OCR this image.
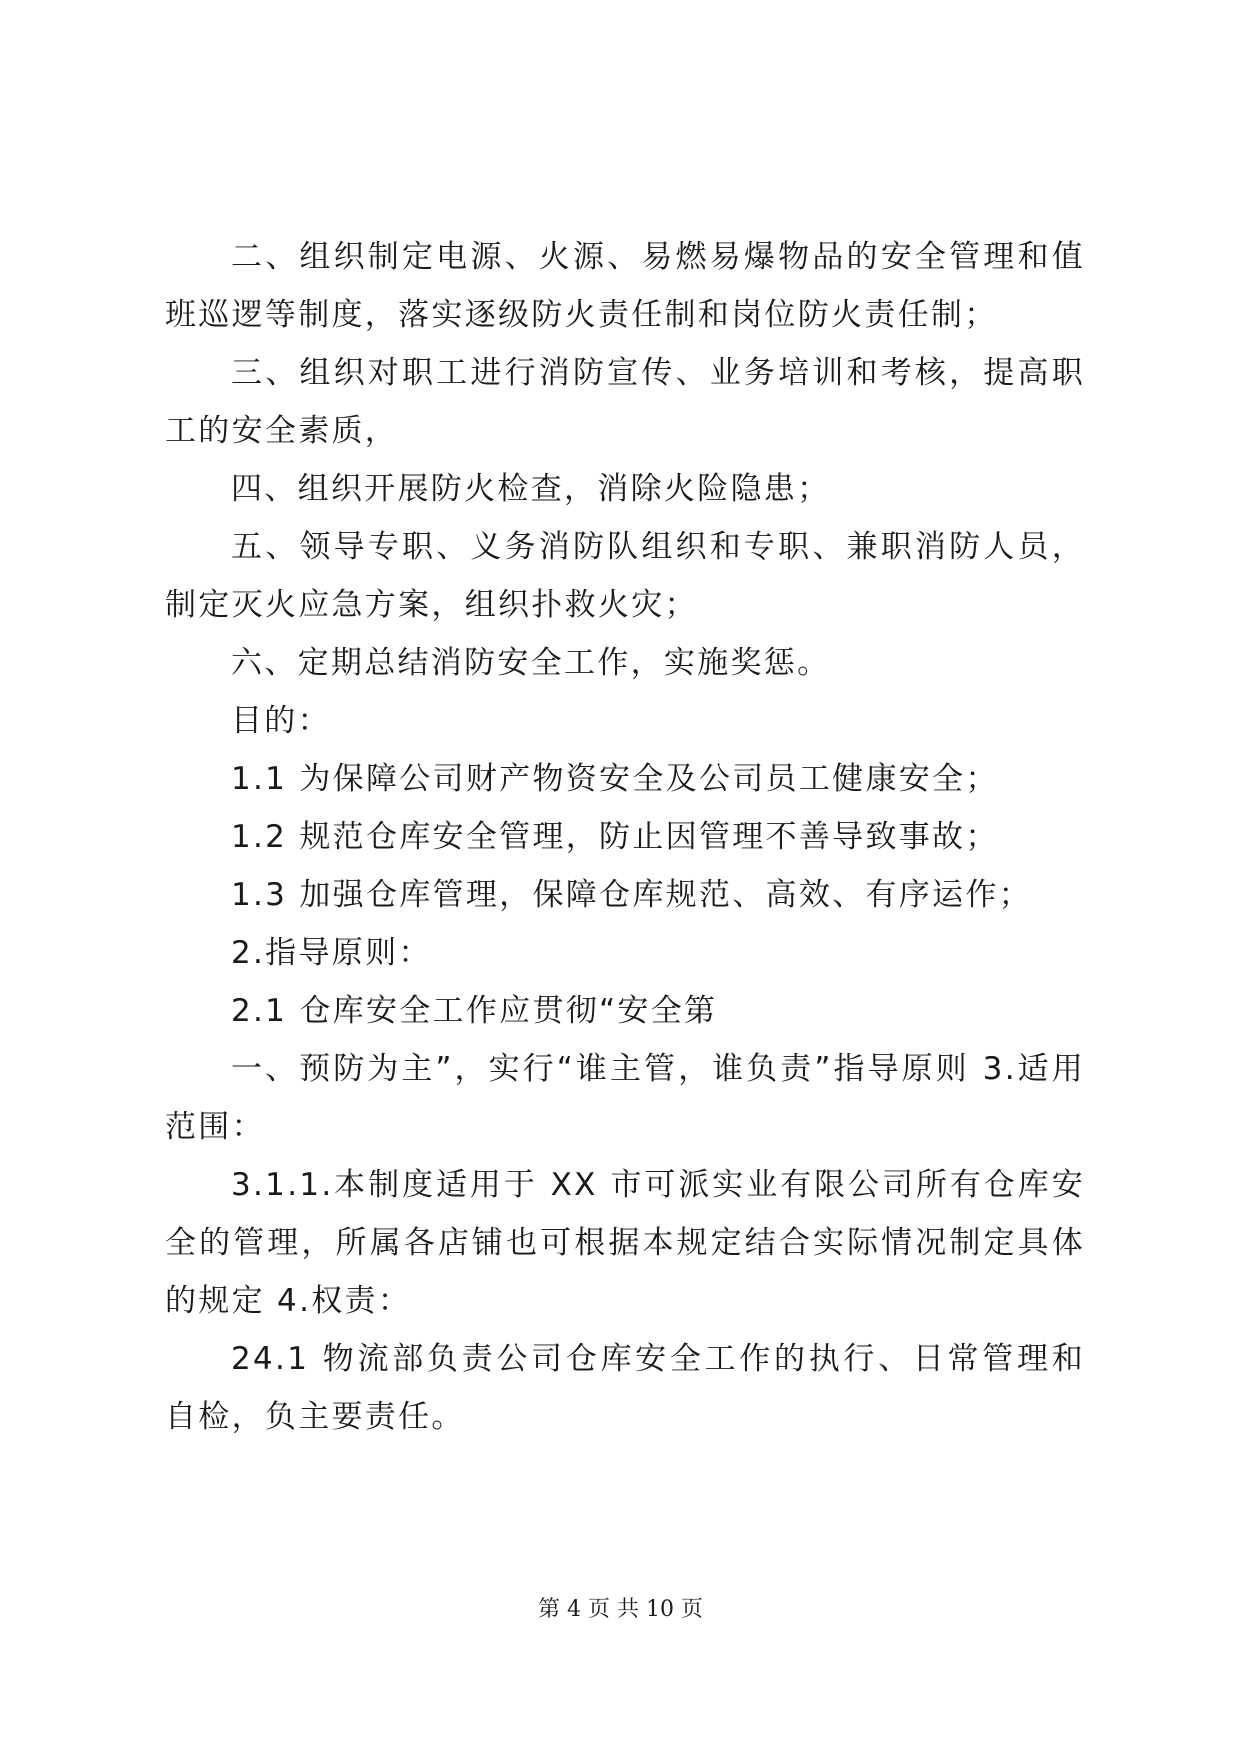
二、组织制定电源、火源、易燃易爆物品的安全管理和值班巡逻等制度，落实逐级防火责任制和岗位防火责任制；

三、组织对职工进行消防宣传、业务培训和考核，提高职工的安全素质，

四、组织开展防火检查，消除火险隐患；

五、领导专职、义务消防队组织和专职、兼职消防人员，制定灭火应急方案，组织扑救火灾；

六、定期总结消防安全工作，实施奖惩。

目的：

1.1 为保障公司财产物资安全及公司员工健康安全；

1.2 规范仓库安全管理，防止因管理不善导致事故；

1.3 加强仓库管理，保障仓库规范、高效、有序运作；

2.指导原则：

2.1 仓库安全工作应贯彻“安全第

一、预防为主”，实行“谁主管，谁负责”指导原则 3.适用范围：

3.1.1.本制度适用于 XX 市可派实业有限公司所有仓库安全的管理，所属各店铺也可根据本规定结合实际情况制定具体的规定 4.权责：

24.1 物流部负责公司仓库安全工作的执行、日常管理和自检，负主要责任。

第 4 页 共 10 页
